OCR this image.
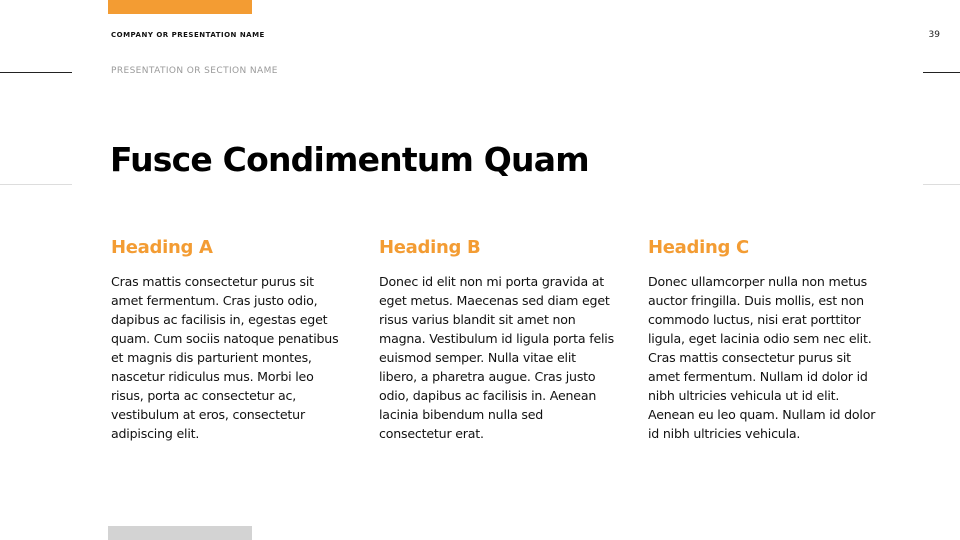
COMPANY OR PRESENTATION NAME	39
PRESENTATION OR SECTION NAME
Fusce Condimentum Quam
Heading A

Cras mattis consectetur purus sit amet fermentum. Cras justo odio, dapibus ac facilisis in, egestas eget quam. Cum sociis natoque penatibus et magnis dis parturient montes, nascetur ridiculus mus. Morbi leo risus, porta ac consectetur ac, vestibulum at eros, consectetur adipiscing elit.

Heading B

Donec id elit non mi porta gravida at eget metus. Maecenas sed diam eget risus varius blandit sit amet non magna. Vestibulum id ligula porta felis euismod semper. Nulla vitae elit libero, a pharetra augue. Cras justo odio, dapibus ac facilisis in. Aenean lacinia bibendum nulla sed consectetur erat.

Heading C

Donec ullamcorper nulla non metus auctor fringilla. Duis mollis, est non commodo luctus, nisi erat porttitor ligula, eget lacinia odio sem nec elit. Cras mattis consectetur purus sit amet fermentum. Nullam id dolor id nibh ultricies vehicula ut id elit. Aenean eu leo quam. Nullam id dolor id nibh ultricies vehicula.
